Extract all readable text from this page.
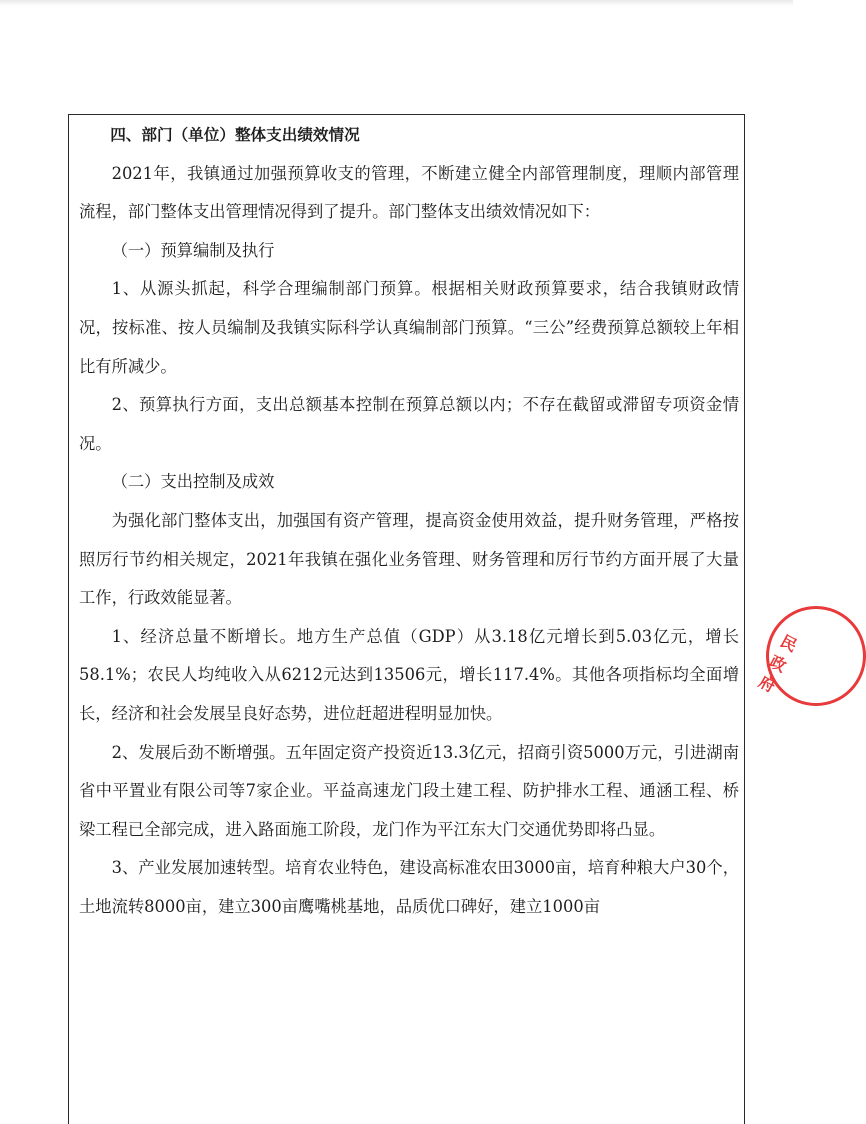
四、部门（单位）整体支出绩效情况

2021年，我镇通过加强预算收支的管理，不断建立健全内部管理制度，理顺内部管理流程，部门整体支出管理情况得到了提升。部门整体支出绩效情况如下：

（一）预算编制及执行

1、从源头抓起，科学合理编制部门预算。根据相关财政预算要求，结合我镇财政情况，按标准、按人员编制及我镇实际科学认真编制部门预算。“三公”经费预算总额较上年相比有所减少。

2、预算执行方面，支出总额基本控制在预算总额以内；不存在截留或滞留专项资金情况。

（二）支出控制及成效

为强化部门整体支出，加强国有资产管理，提高资金使用效益，提升财务管理，严格按照厉行节约相关规定，2021年我镇在强化业务管理、财务管理和厉行节约方面开展了大量工作，行政效能显著。

1、经济总量不断增长。地方生产总值（GDP）从3.18亿元增长到5.03亿元，增长58.1%；农民人均纯收入从6212元达到13506元，增长117.4%。其他各项指标均全面增长，经济和社会发展呈良好态势，进位赶超进程明显加快。

2、发展后劲不断增强。五年固定资产投资近13.3亿元，招商引资5000万元，引进湖南省中平置业有限公司等7家企业。平益高速龙门段土建工程、防护排水工程、通涵工程、桥梁工程已全部完成，进入路面施工阶段，龙门作为平江东大门交通优势即将凸显。

3、产业发展加速转型。培育农业特色，建设高标准农田3000亩，培育种粮大户30个，土地流转8000亩，建立300亩鹰嘴桃基地，品质优口碑好，建立1000亩

民政府
